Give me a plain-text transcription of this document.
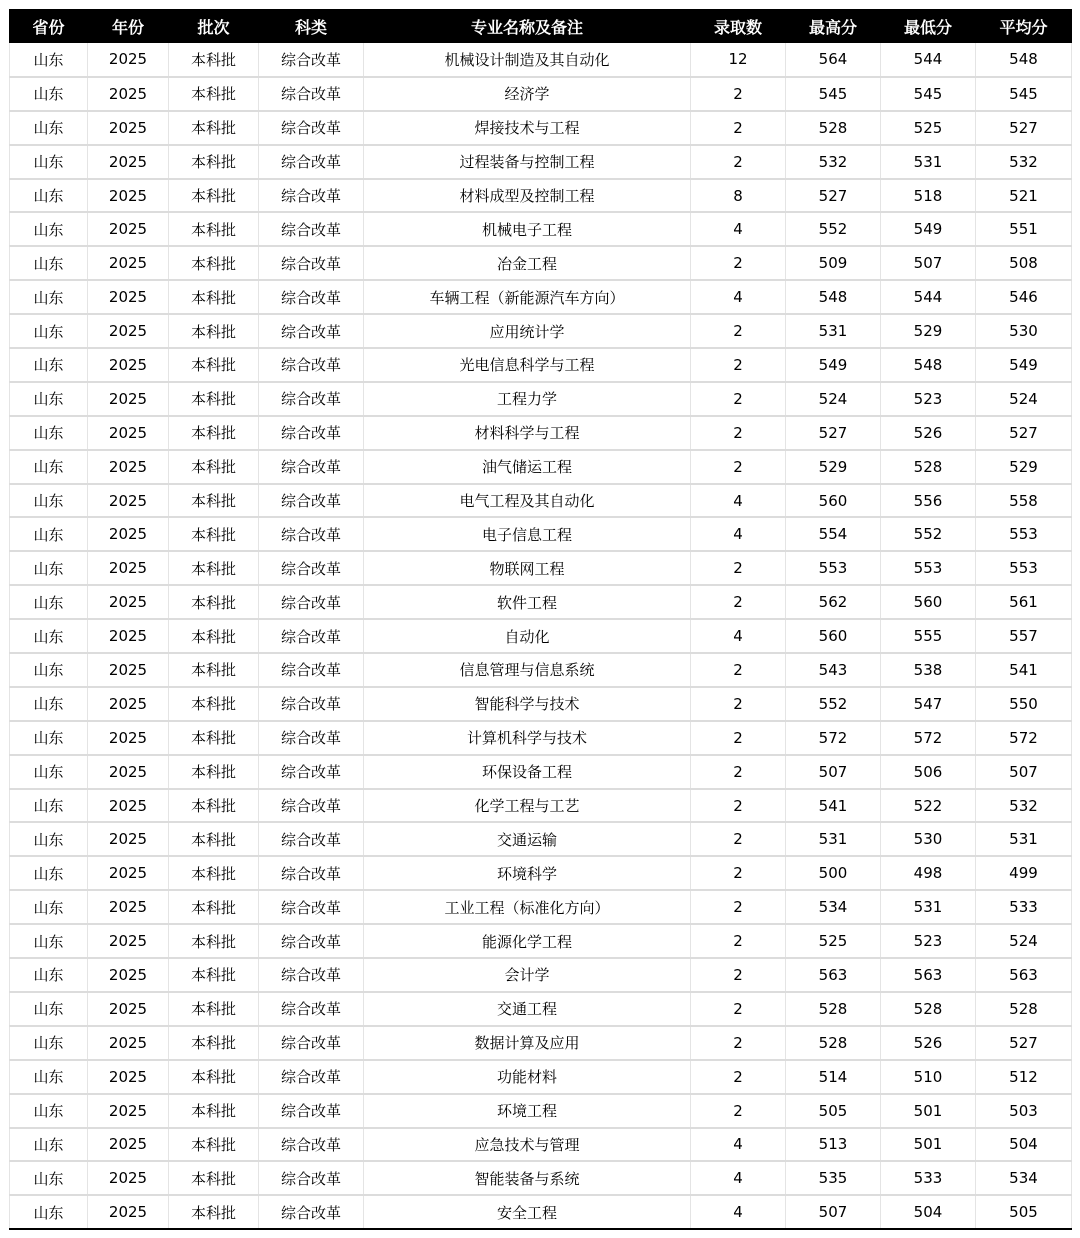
省份	年份	批次	科类	专业名称及备注	录取数	最高分	最低分	平均分
山东	2025	本科批	综合改革	机械设计制造及其自动化	12	564	544	548
山东	2025	本科批	综合改革	经济学	2	545	545	545
山东	2025	本科批	综合改革	焊接技术与工程	2	528	525	527
山东	2025	本科批	综合改革	过程装备与控制工程	2	532	531	532
山东	2025	本科批	综合改革	材料成型及控制工程	8	527	518	521
山东	2025	本科批	综合改革	机械电子工程	4	552	549	551
山东	2025	本科批	综合改革	冶金工程	2	509	507	508
山东	2025	本科批	综合改革	车辆工程（新能源汽车方向）	4	548	544	546
山东	2025	本科批	综合改革	应用统计学	2	531	529	530
山东	2025	本科批	综合改革	光电信息科学与工程	2	549	548	549
山东	2025	本科批	综合改革	工程力学	2	524	523	524
山东	2025	本科批	综合改革	材料科学与工程	2	527	526	527
山东	2025	本科批	综合改革	油气储运工程	2	529	528	529
山东	2025	本科批	综合改革	电气工程及其自动化	4	560	556	558
山东	2025	本科批	综合改革	电子信息工程	4	554	552	553
山东	2025	本科批	综合改革	物联网工程	2	553	553	553
山东	2025	本科批	综合改革	软件工程	2	562	560	561
山东	2025	本科批	综合改革	自动化	4	560	555	557
山东	2025	本科批	综合改革	信息管理与信息系统	2	543	538	541
山东	2025	本科批	综合改革	智能科学与技术	2	552	547	550
山东	2025	本科批	综合改革	计算机科学与技术	2	572	572	572
山东	2025	本科批	综合改革	环保设备工程	2	507	506	507
山东	2025	本科批	综合改革	化学工程与工艺	2	541	522	532
山东	2025	本科批	综合改革	交通运输	2	531	530	531
山东	2025	本科批	综合改革	环境科学	2	500	498	499
山东	2025	本科批	综合改革	工业工程（标准化方向）	2	534	531	533
山东	2025	本科批	综合改革	能源化学工程	2	525	523	524
山东	2025	本科批	综合改革	会计学	2	563	563	563
山东	2025	本科批	综合改革	交通工程	2	528	528	528
山东	2025	本科批	综合改革	数据计算及应用	2	528	526	527
山东	2025	本科批	综合改革	功能材料	2	514	510	512
山东	2025	本科批	综合改革	环境工程	2	505	501	503
山东	2025	本科批	综合改革	应急技术与管理	4	513	501	504
山东	2025	本科批	综合改革	智能装备与系统	4	535	533	534
山东	2025	本科批	综合改革	安全工程	4	507	504	505
